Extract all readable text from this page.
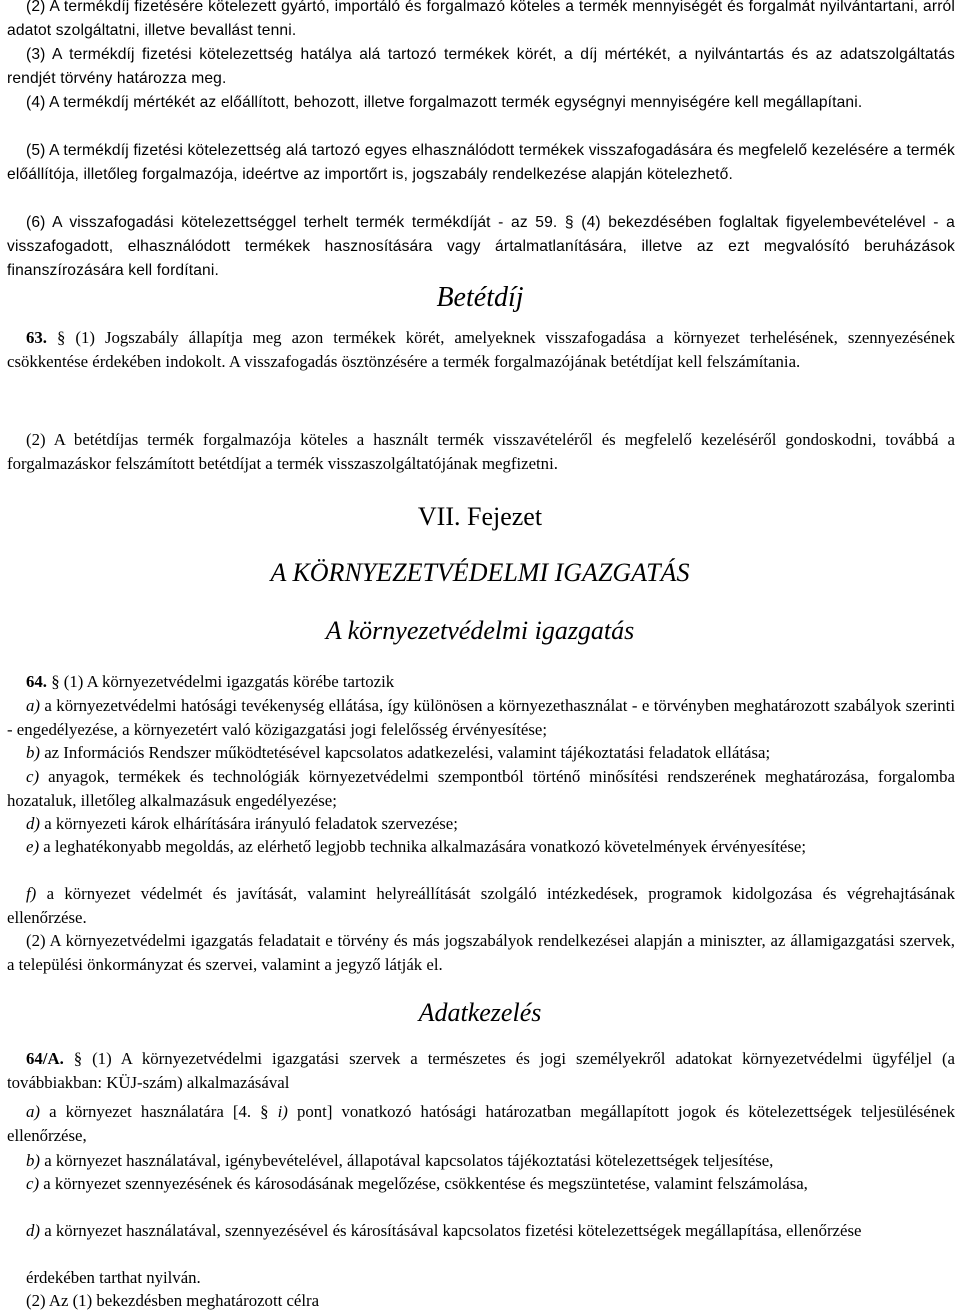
(2) A termékdíj fizetésére kötelezett gyártó, importáló és forgalmazó köteles a termék mennyiségét és forgalmát nyilvántartani, arról adatot szolgáltatni, illetve bevallást tenni.

(3) A termékdíj fizetési kötelezettség hatálya alá tartozó termékek körét, a díj mértékét, a nyilvántartás és az adatszolgáltatás rendjét törvény határozza meg.

(4) A termékdíj mértékét az előállított, behozott, illetve forgalmazott termék egységnyi mennyiségére kell megállapítani.

(5) A termékdíj fizetési kötelezettség alá tartozó egyes elhasználódott termékek visszafogadására és megfelelő kezelésére a termék előállítója, illetőleg forgalmazója, ideértve az importőrt is, jogszabály rendelkezése alapján kötelezhető.

(6) A visszafogadási kötelezettséggel terhelt termék termékdíját - az 59. § (4) bekezdésében foglaltak figyelembevételével - a visszafogadott, elhasználódott termékek hasznosítására vagy ártalmatlanítására, illetve az ezt megvalósító beruházások finanszírozására kell fordítani.

Betétdíj

63. § (1) Jogszabály állapítja meg azon termékek körét, amelyeknek visszafogadása a környezet terhelésének, szennyezésének csökkentése érdekében indokolt. A visszafogadás ösztönzésére a termék forgalmazójának betétdíjat kell felszámítania.

(2) A betétdíjas termék forgalmazója köteles a használt termék visszavételéről és megfelelő kezeléséről gondoskodni, továbbá a forgalmazáskor felszámított betétdíjat a termék visszaszolgáltatójának megfizetni.

VII. Fejezet
A KÖRNYEZETVÉDELMI IGAZGATÁS
A környezetvédelmi igazgatás

64. § (1) A környezetvédelmi igazgatás körébe tartozik

a) a környezetvédelmi hatósági tevékenység ellátása, így különösen a környezethasználat - e törvényben meghatározott szabályok szerinti - engedélyezése, a környezetért való közigazgatási jogi felelősség érvényesítése;

b) az Információs Rendszer működtetésével kapcsolatos adatkezelési, valamint tájékoztatási feladatok ellátása;

c) anyagok, termékek és technológiák környezetvédelmi szempontból történő minősítési rendszerének meghatározása, forgalomba hozataluk, illetőleg alkalmazásuk engedélyezése;

d) a környezeti károk elhárítására irányuló feladatok szervezése;

e) a leghatékonyabb megoldás, az elérhető legjobb technika alkalmazására vonatkozó követelmények érvényesítése;

f) a környezet védelmét és javítását, valamint helyreállítását szolgáló intézkedések, programok kidolgozása és végrehajtásának ellenőrzése.

(2) A környezetvédelmi igazgatás feladatait e törvény és más jogszabályok rendelkezései alapján a miniszter, az államigazgatási szervek, a települési önkormányzat és szervei, valamint a jegyző látják el.

Adatkezelés

64/A. § (1) A környezetvédelmi igazgatási szervek a természetes és jogi személyekről adatokat környezetvédelmi ügyféljel (a továbbiakban: KÜJ-szám) alkalmazásával

a) a környezet használatára [4. § i) pont] vonatkozó hatósági határozatban megállapított jogok és kötelezettségek teljesülésének ellenőrzése,

b) a környezet használatával, igénybevételével, állapotával kapcsolatos tájékoztatási kötelezettségek teljesítése,

c) a környezet szennyezésének és károsodásának megelőzése, csökkentése és megszüntetése, valamint felszámolása,

d) a környezet használatával, szennyezésével és károsításával kapcsolatos fizetési kötelezettségek megállapítása, ellenőrzése

érdekében tarthat nyilván.

(2) Az (1) bekezdésben meghatározott célra
